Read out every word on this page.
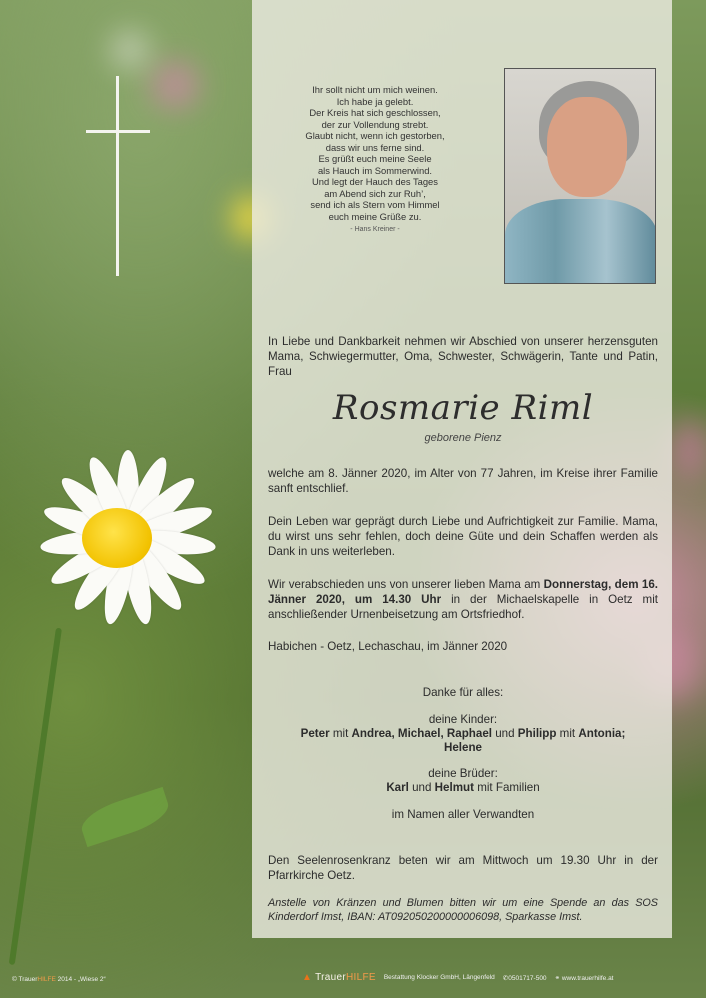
Ihr sollt nicht um mich weinen.
Ich habe ja gelebt.
Der Kreis hat sich geschlossen,
der zur Vollendung strebt.
Glaubt nicht, wenn ich gestorben,
dass wir uns ferne sind.
Es grüßt euch meine Seele
als Hauch im Sommerwind.
Und legt der Hauch des Tages
am Abend sich zur Ruh’,
send ich als Stern vom Himmel
euch meine Grüße zu.
- Hans Kreiner -
In Liebe und Dankbarkeit nehmen wir Abschied von unserer herzensguten Mama, Schwiegermutter, Oma, Schwester, Schwägerin, Tante und Patin, Frau
Rosmarie Riml
geborene Pienz
welche am 8. Jänner 2020, im Alter von 77 Jahren, im Kreise ihrer Familie sanft entschlief.
Dein Leben war geprägt durch Liebe und Aufrichtigkeit zur Familie. Mama, du wirst uns sehr fehlen, doch deine Güte und dein Schaffen werden als Dank in uns weiterleben.
Wir verabschieden uns von unserer lieben Mama am Donnerstag, dem 16. Jänner 2020, um 14.30 Uhr in der Michaelskapelle in Oetz mit anschließender Urnenbeisetzung am Ortsfriedhof.
Habichen - Oetz, Lechaschau, im Jänner 2020
Danke für alles:
deine Kinder:
Peter mit Andrea, Michael, Raphael und Philipp mit Antonia;
Helene
deine Brüder:
Karl und Helmut mit Familien
im Namen aller Verwandten
Den Seelenrosenkranz beten wir am Mittwoch um 19.30 Uhr in der Pfarrkirche Oetz.
Anstelle von Kränzen und Blumen bitten wir um eine Spende an das SOS Kinderdorf Imst, IBAN: AT092050200000006098, Sparkasse Imst.
© TrauerHILFE 2014 - „Wiese 2“	▲ TrauerHILFE Bestattung Klocker GmbH, Längenfeld ✆0501717-500 ⚭ www.trauerhilfe.at
